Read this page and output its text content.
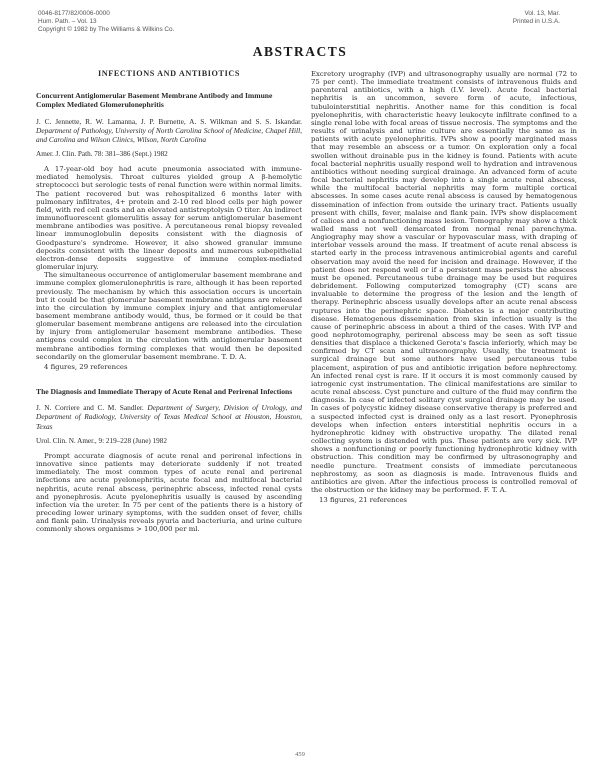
0046-8177/82/0006-0000
Hum. Path. – Vol. 13
Copyright © 1982 by The Williams & Wilkins Co.
Vol. 13, Mar.
Printed in U.S.A.
ABSTRACTS
INFECTIONS AND ANTIBIOTICS
Concurrent Antiglomerular Basement Membrane Antibody and Immune Complex Mediated Glomerulonephritis
J. C. Jennette, R. W. Lamanna, J. P. Burnette, A. S. Wilkman and S. S. Iskandar. Department of Pathology, University of North Carolina School of Medicine, Chapel Hill, and Carolina and Wilson Clinics, Wilson, North Carolina
Amer. J. Clin. Path. 78: 381–386 (Sept.) 1982

A 17-year-old boy had acute pneumonia associated with immune-mediated hemolysis. Throat cultures yielded group A β-hemolytic streptococci but serologic tests of renal function were within normal limits. The patient recovered but was rehospitalized 6 months later with pulmonary infiltrates, 4+ protein and 2-10 red blood cells per high power field, with red cell casts and an elevated antistreptolysin O titer. An indirect immunofluorescent glomerulitis assay for serum antiglomerular basement membrane antibodies was positive. A percutaneous renal biopsy revealed linear immunoglobulin deposits consistent with the diagnosis of Goodpasture's syndrome. However, it also showed granular immune deposits consistent with the linear deposits and numerous subepithelial electron-dense deposits suggestive of immune complex-mediated glomerular injury.

The simultaneous occurrence of antiglomerular basement membrane and immune complex glomerulonephritis is rare, although it has been reported previously. The mechanism by which this association occurs is uncertain but it could be that glomerular basement membrane antigens are released into the circulation by immune complex injury and that antiglomerular basement membrane antibody would, thus, be formed or it could be that glomerular basement membrane antigens are released into the circulation by injury from antiglomerular basement membrane antibodies. These antigens could complex in the circulation with antiglomerular basement membrane antibodies forming complexes that would then be deposited secondarily on the glomerular basement membrane. T. D. A.

4 figures, 29 references
The Diagnosis and Immediate Therapy of Acute Renal and Perirenal Infections
J. N. Corriere and C. M. Sandler. Department of Surgery, Division of Urology, and Department of Radiology, University of Texas Medical School at Houston, Houston, Texas
Urol. Clin. N. Amer., 9: 219–228 (June) 1982

Prompt accurate diagnosis of acute renal and perirenal infections in innovative since patients may deteriorate suddenly if not treated immediately. The most common types of acute renal and perirenal infections are acute pyelonephritis, acute focal and multifocal bacterial nephritis, acute renal abscess, perinephric abscess, infected renal cysts and pyonephrosis. Acute pyelonephritis usually is caused by ascending infection via the ureter. In 75 per cent of the patients there is a history of preceding lower urinary symptoms, with the sudden onset of fever, chills and flank pain. Urinalysis reveals pyuria and bacteriuria, and urine culture commonly shows organisms > 100,000 per ml.

Excretory urography (IVP) and ultrasonography usually are normal (72 to 75 per cent). The immediate treatment consists of intravenous fluids and parenteral antibiotics, with a high (I.V. level). Acute focal bacterial nephritis is an uncommon, severe form of acute, infectious, tubulointerstitial nephritis. Another name for this condition is focal pyelonephritis, with characteristic heavy leukocyte infiltrate confined to a single renal lobe with focal areas of tissue necrosis. The symptoms and the results of urinalysis and urine culture are essentially the same as in patients with acute pyelonephritis. IVPs show a poorly marginated mass that may resemble an abscess or a tumor. On exploration only a focal swollen without drainable pus in the kidney is found. Patients with acute focal bacterial nephritis usually respond well to hydration and intravenous antibiotics without needing surgical drainage. An advanced form of acute focal bacterial nephritis may develop into a single acute renal abscess, while the multifocal bacterial nephritis may form multiple cortical abscesses. In some cases acute renal abscess is caused by hematogenous dissemination of infection from outside the urinary tract. Patients usually present with chills, fever, malaise and flank pain. IVPs show displacement of calices and a nonfunctioning mass lesion. Tomography may show a thick walled mass not well demarcated from normal renal parenchyma. Angiography may show a vascular or hypovascular mass, with draping of interlobar vessels around the mass. If treatment of acute renal abscess is started early in the process intravenous antimicrobial agents and careful observation may avoid the need for incision and drainage. However, if the patient does not respond well or if a persistent mass persists the abscess must be opened. Percutaneous tube drainage may be used but requires debridement. Following computerized tomography (CT) scans are invaluable to determine the progress of the lesion and the length of therapy. Perinephric abscess usually develops after an acute renal abscess ruptures into the perinephric space. Diabetes is a major contributing disease. Hematogenous dissemination from skin infection usually is the cause of perinephric abscess in about a third of the cases. With IVP and good nephrotomography, perirenal abscess may be seen as soft tissue densities that displace a thickened Gerota's fascia inferiorly, which may be confirmed by CT scan and ultrasonography. Usually, the treatment is surgical drainage but some authors have used percutaneous tube placement, aspiration of pus and antibiotic irrigation before nephrectomy. An infected renal cyst is rare. If it occurs it is most commonly caused by iatrogenic cyst instrumentation. The clinical manifestations are similar to acute renal abscess. Cyst puncture and culture of the fluid may confirm the diagnosis. In case of infected solitary cyst surgical drainage may be used. In cases of polycystic kidney disease conservative therapy is preferred and a suspected infected cyst is drained only as a last resort. Pyonephrosis develops when infection enters interstitial nephritis occurs in a hydronephrotic kidney with obstructive uropathy. The dilated renal collecting system is distended with pus. These patients are very sick. IVP shows a nonfunctioning or poorly functioning hydronephrotic kidney with obstruction. This condition may be confirmed by ultrasonography and needle puncture. Treatment consists of immediate percutaneous nephrostomy, as soon as diagnosis is made. Intravenous fluids and antibiotics are given. After the infectious process is controlled removal of the obstruction or the kidney may be performed. F. T. A.

13 figures, 21 references
459
